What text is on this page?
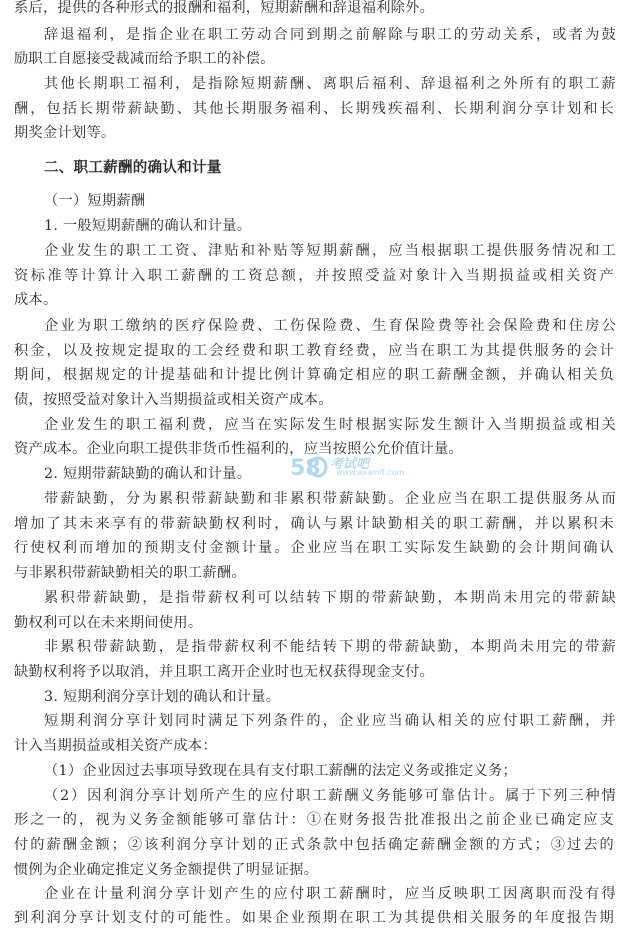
系后，提供的各种形式的报酬和福利，短期薪酬和辞退福利除外。
辞退福利，是指企业在职工劳动合同到期之前解除与职工的劳动关系，或者为鼓
励职工自愿接受裁减而给予职工的补偿。
其他长期职工福利，是指除短期薪酬、离职后福利、辞退福利之外所有的职工薪
酬，包括长期带薪缺勤、其他长期服务福利、长期残疾福利、长期利润分享计划和长
期奖金计划等。
二、职工薪酬的确认和计量
（一）短期薪酬
1. 一般短期薪酬的确认和计量。
企业发生的职工工资、津贴和补贴等短期薪酬，应当根据职工提供服务情况和工
资标准等计算计入职工薪酬的工资总额，并按照受益对象计入当期损益或相关资产
成本。
企业为职工缴纳的医疗保险费、工伤保险费、生育保险费等社会保险费和住房公
积金，以及按规定提取的工会经费和职工教育经费，应当在职工为其提供服务的会计
期间，根据规定的计提基础和计提比例计算确定相应的职工薪酬金额，并确认相关负
债，按照受益对象计入当期损益或相关资产成本。
企业发生的职工福利费，应当在实际发生时根据实际发生额计入当期损益或相关
资产成本。企业向职工提供非货币性福利的，应当按照公允价值计量。
2. 短期带薪缺勤的确认和计量。
带薪缺勤，分为累积带薪缺勤和非累积带薪缺勤。企业应当在职工提供服务从而
增加了其未来享有的带薪缺勤权利时，确认与累计缺勤相关的职工薪酬，并以累积未
行使权利而增加的预期支付金额计量。企业应当在职工实际发生缺勤的会计期间确认
与非累积带薪缺勤相关的职工薪酬。
累积带薪缺勤，是指带薪权利可以结转下期的带薪缺勤，本期尚未用完的带薪缺
勤权利可以在未来期间使用。
非累积带薪缺勤，是指带薪权利不能结转下期的带薪缺勤，本期尚未用完的带薪
缺勤权利将予以取消，并且职工离开企业时也无权获得现金支付。
3. 短期利润分享计划的确认和计量。
短期利润分享计划同时满足下列条件的，企业应当确认相关的应付职工薪酬，并
计入当期损益或相关资产成本：
（1）企业因过去事项导致现在具有支付职工薪酬的法定义务或推定义务；
（2）因利润分享计划所产生的应付职工薪酬义务能够可靠估计。属于下列三种情
形之一的，视为义务金额能够可靠估计：①在财务报告批准报出之前企业已确定应支
付的薪酬金额；②该利润分享计划的正式条款中包括确定薪酬金额的方式；③过去的
惯例为企业确定推定义务金额提供了明显证据。
企业在计量利润分享计划产生的应付职工薪酬时，应当反映职工因离职而没有得
到利润分享计划支付的可能性。如果企业预期在职工为其提供相关服务的年度报告期
58 考试吧
www.exam8.com
